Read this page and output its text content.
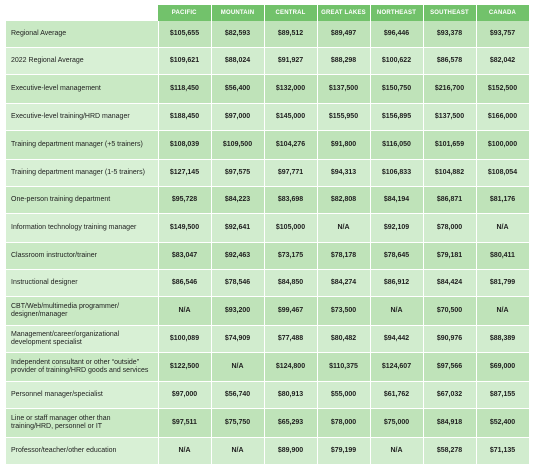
	PACIFIC	MOUNTAIN	CENTRAL	GREAT LAKES	NORTHEAST	SOUTHEAST	CANADA
Regional Average	$105,655	$82,593	$89,512	$89,497	$96,446	$93,378	$93,757
2022 Regional Average	$109,621	$88,024	$91,927	$88,298	$100,622	$86,578	$82,042
Executive-level management	$118,450	$56,400	$132,000	$137,500	$150,750	$216,700	$152,500
Executive-level training/HRD manager	$188,450	$97,000	$145,000	$155,950	$156,895	$137,500	$166,000
Training department manager (+5 trainers)	$108,039	$109,500	$104,276	$91,800	$116,050	$101,659	$100,000
Training department manager (1-5 trainers)	$127,145	$97,575	$97,771	$94,313	$106,833	$104,882	$108,054
One-person training department	$95,728	$84,223	$83,698	$82,808	$84,194	$86,871	$81,176
Information technology training manager	$149,500	$92,641	$105,000	N/A	$92,109	$78,000	N/A
Classroom instructor/trainer	$83,047	$92,463	$73,175	$78,178	$78,645	$79,181	$80,411
Instructional designer	$86,546	$78,546	$84,850	$84,274	$86,912	$84,424	$81,799
CBT/Web/multimedia programmer/ designer/manager	N/A	$93,200	$99,467	$73,500	N/A	$70,500	N/A
Management/career/organizational development specialist	$100,089	$74,909	$77,488	$80,482	$94,442	$90,976	$88,389
Independent consultant or other “outside” provider of training/HRD goods and services	$122,500	N/A	$124,800	$110,375	$124,607	$97,566	$69,000
Personnel manager/specialist	$97,000	$56,740	$80,913	$55,000	$61,762	$67,032	$87,155
Line or staff manager other than training/HRD, personnel or IT	$97,511	$75,750	$65,293	$78,000	$75,000	$84,918	$52,400
Professor/teacher/other education	N/A	N/A	$89,900	$79,199	N/A	$58,278	$71,135
